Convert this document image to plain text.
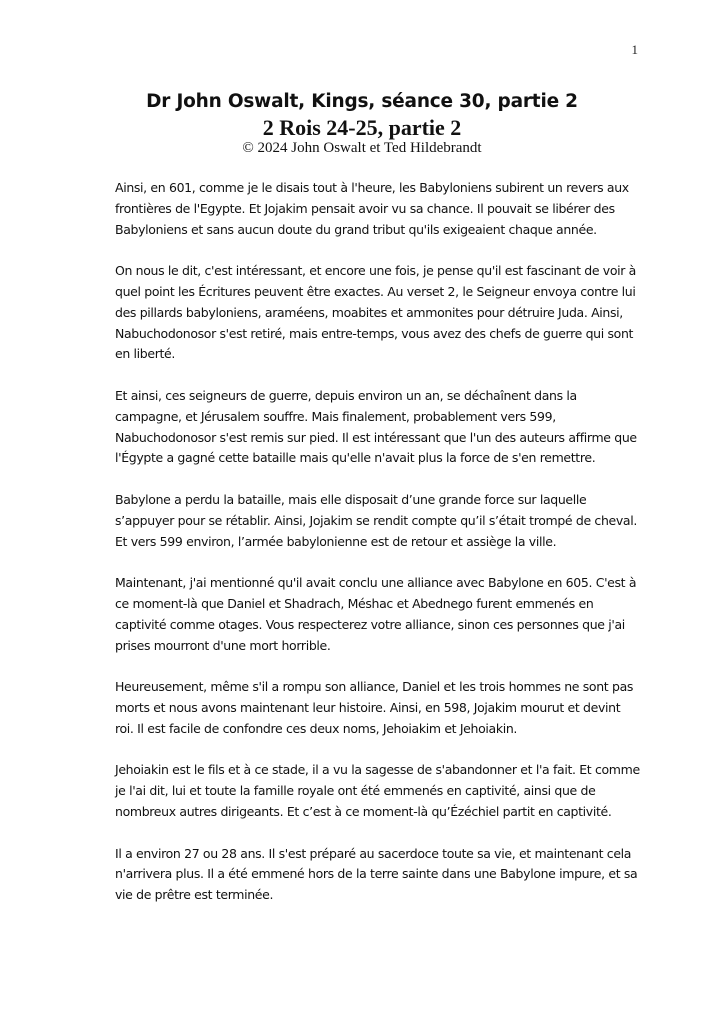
1
Dr John Oswalt, Kings, séance 30, partie 2
2 Rois 24-25, partie 2
© 2024 John Oswalt et Ted Hildebrandt

Ainsi, en 601, comme je le disais tout à l'heure, les Babyloniens subirent un revers aux frontières de l'Egypte. Et Jojakim pensait avoir vu sa chance. Il pouvait se libérer des Babyloniens et sans aucun doute du grand tribut qu'ils exigeaient chaque année.

On nous le dit, c'est intéressant, et encore une fois, je pense qu'il est fascinant de voir à quel point les Écritures peuvent être exactes. Au verset 2, le Seigneur envoya contre lui des pillards babyloniens, araméens, moabites et ammonites pour détruire Juda. Ainsi, Nabuchodonosor s'est retiré, mais entre-temps, vous avez des chefs de guerre qui sont en liberté.

Et ainsi, ces seigneurs de guerre, depuis environ un an, se déchaînent dans la campagne, et Jérusalem souffre. Mais finalement, probablement vers 599, Nabuchodonosor s'est remis sur pied. Il est intéressant que l'un des auteurs affirme que l'Égypte a gagné cette bataille mais qu'elle n'avait plus la force de s'en remettre.

Babylone a perdu la bataille, mais elle disposait d’une grande force sur laquelle s’appuyer pour se rétablir. Ainsi, Jojakim se rendit compte qu’il s’était trompé de cheval. Et vers 599 environ, l’armée babylonienne est de retour et assiège la ville.

Maintenant, j'ai mentionné qu'il avait conclu une alliance avec Babylone en 605. C'est à ce moment-là que Daniel et Shadrach, Méshac et Abednego furent emmenés en captivité comme otages. Vous respecterez votre alliance, sinon ces personnes que j'ai prises mourront d'une mort horrible.

Heureusement, même s'il a rompu son alliance, Daniel et les trois hommes ne sont pas morts et nous avons maintenant leur histoire. Ainsi, en 598, Jojakim mourut et devint roi. Il est facile de confondre ces deux noms, Jehoiakim et Jehoiakin.

Jehoiakin est le fils et à ce stade, il a vu la sagesse de s'abandonner et l'a fait. Et comme je l'ai dit, lui et toute la famille royale ont été emmenés en captivité, ainsi que de nombreux autres dirigeants. Et c’est à ce moment-là qu’Ézéchiel partit en captivité.

Il a environ 27 ou 28 ans. Il s'est préparé au sacerdoce toute sa vie, et maintenant cela n'arrivera plus. Il a été emmené hors de la terre sainte dans une Babylone impure, et sa vie de prêtre est terminée.
